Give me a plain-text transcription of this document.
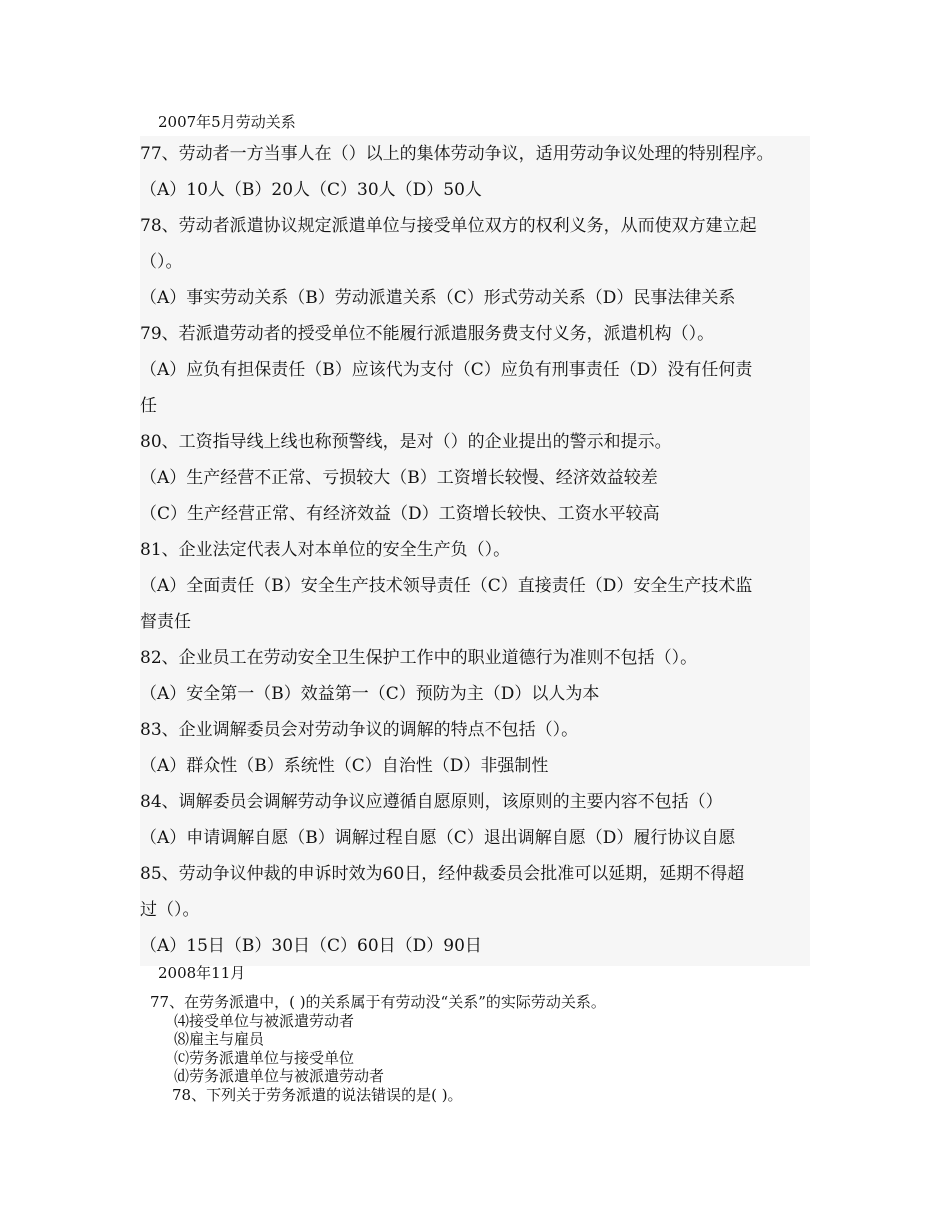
2007年5月劳动关系
77、劳动者一方当事人在（）以上的集体劳动争议，适用劳动争议处理的特别程序。
（A）10人（B）20人（C）30人（D）50人
78、劳动者派遣协议规定派遣单位与接受单位双方的权利义务，从而使双方建立起
（）。
（A）事实劳动关系（B）劳动派遣关系（C）形式劳动关系（D）民事法律关系
79、若派遣劳动者的授受单位不能履行派遣服务费支付义务，派遣机构（）。
（A）应负有担保责任（B）应该代为支付（C）应负有刑事责任（D）没有任何责
任
80、工资指导线上线也称预警线，是对（）的企业提出的警示和提示。
（A）生产经营不正常、亏损较大（B）工资增长较慢、经济效益较差
（C）生产经营正常、有经济效益（D）工资增长较快、工资水平较高
81、企业法定代表人对本单位的安全生产负（）。
（A）全面责任（B）安全生产技术领导责任（C）直接责任（D）安全生产技术监
督责任
82、企业员工在劳动安全卫生保护工作中的职业道德行为准则不包括（）。
（A）安全第一（B）效益第一（C）预防为主（D）以人为本
83、企业调解委员会对劳动争议的调解的特点不包括（）。
（A）群众性（B）系统性（C）自治性（D）非强制性
84、调解委员会调解劳动争议应遵循自愿原则，该原则的主要内容不包括（）
（A）申请调解自愿（B）调解过程自愿（C）退出调解自愿（D）履行协议自愿
85、劳动争议仲裁的申诉时效为60日，经仲裁委员会批准可以延期，延期不得超
过（）。
（A）15日（B）30日（C）60日（D）90日
2008年11月
77、在劳务派遣中，( )的关系属于有劳动没“关系”的实际劳动关系。
⑷接受单位与被派遣劳动者
⑻雇主与雇员
⒞劳务派遣单位与接受单位
⒟劳务派遣单位与被派遣劳动者
78、下列关于劳务派遣的说法错误的是( )。
